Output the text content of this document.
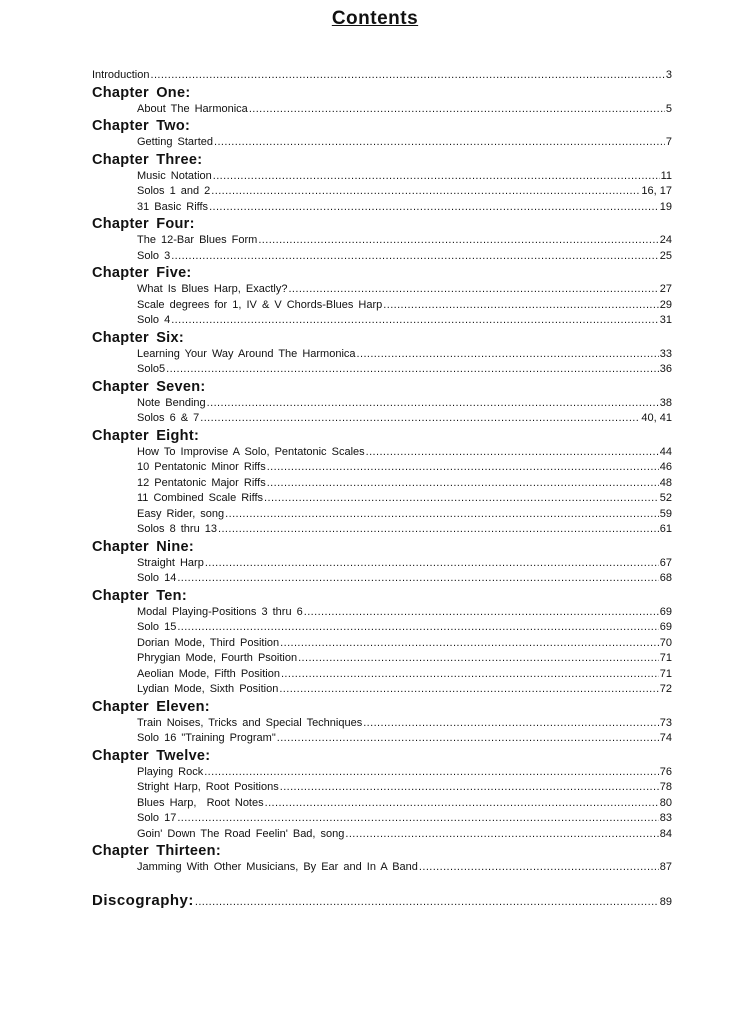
Contents
Introduction .....	3
Chapter One:
About The Harmonica .....	5
Chapter Two:
Getting Started .....	7
Chapter Three:
Music Notation .....	11
Solos 1 and 2 .....	16, 17
31 Basic Riffs .....	19
Chapter Four:
The 12-Bar Blues Form .....	24
Solo 3 .....	25
Chapter Five:
What Is Blues Harp, Exactly? .....	27
Scale degrees for 1, IV & V Chords-Blues Harp .....	29
Solo 4 .....	31
Chapter Six:
Learning Your Way Around The Harmonica .....	33
Solo5 .....	36
Chapter Seven:
Note Bending .....	38
Solos 6 & 7 .....	40, 41
Chapter Eight:
How To Improvise A Solo, Pentatonic Scales .....	44
10 Pentatonic Minor Riffs .....	46
12 Pentatonic Major Riffs .....	48
11 Combined Scale Riffs .....	52
Easy Rider, song .....	59
Solos 8 thru 13 .....	61
Chapter Nine:
Straight Harp .....	67
Solo 14 .....	68
Chapter Ten:
Modal Playing-Positions 3 thru 6 .....	69
Solo 15 .....	69
Dorian Mode, Third Position .....	70
Phrygian Mode, Fourth Psoition .....	71
Aeolian Mode, Fifth Position .....	71
Lydian Mode, Sixth Position .....	72
Chapter Eleven:
Train Noises, Tricks and Special Techniques .....	73
Solo 16 "Training Program" .....	74
Chapter Twelve:
Playing Rock .....	76
Stright Harp, Root Positions .....	78
Blues Harp,  Root Notes .....	80
Solo 17 .....	83
Goin' Down The Road Feelin' Bad, song .....	84
Chapter Thirteen:
Jamming With Other Musicians, By Ear and In A Band .....	87
Discography: .....	89
